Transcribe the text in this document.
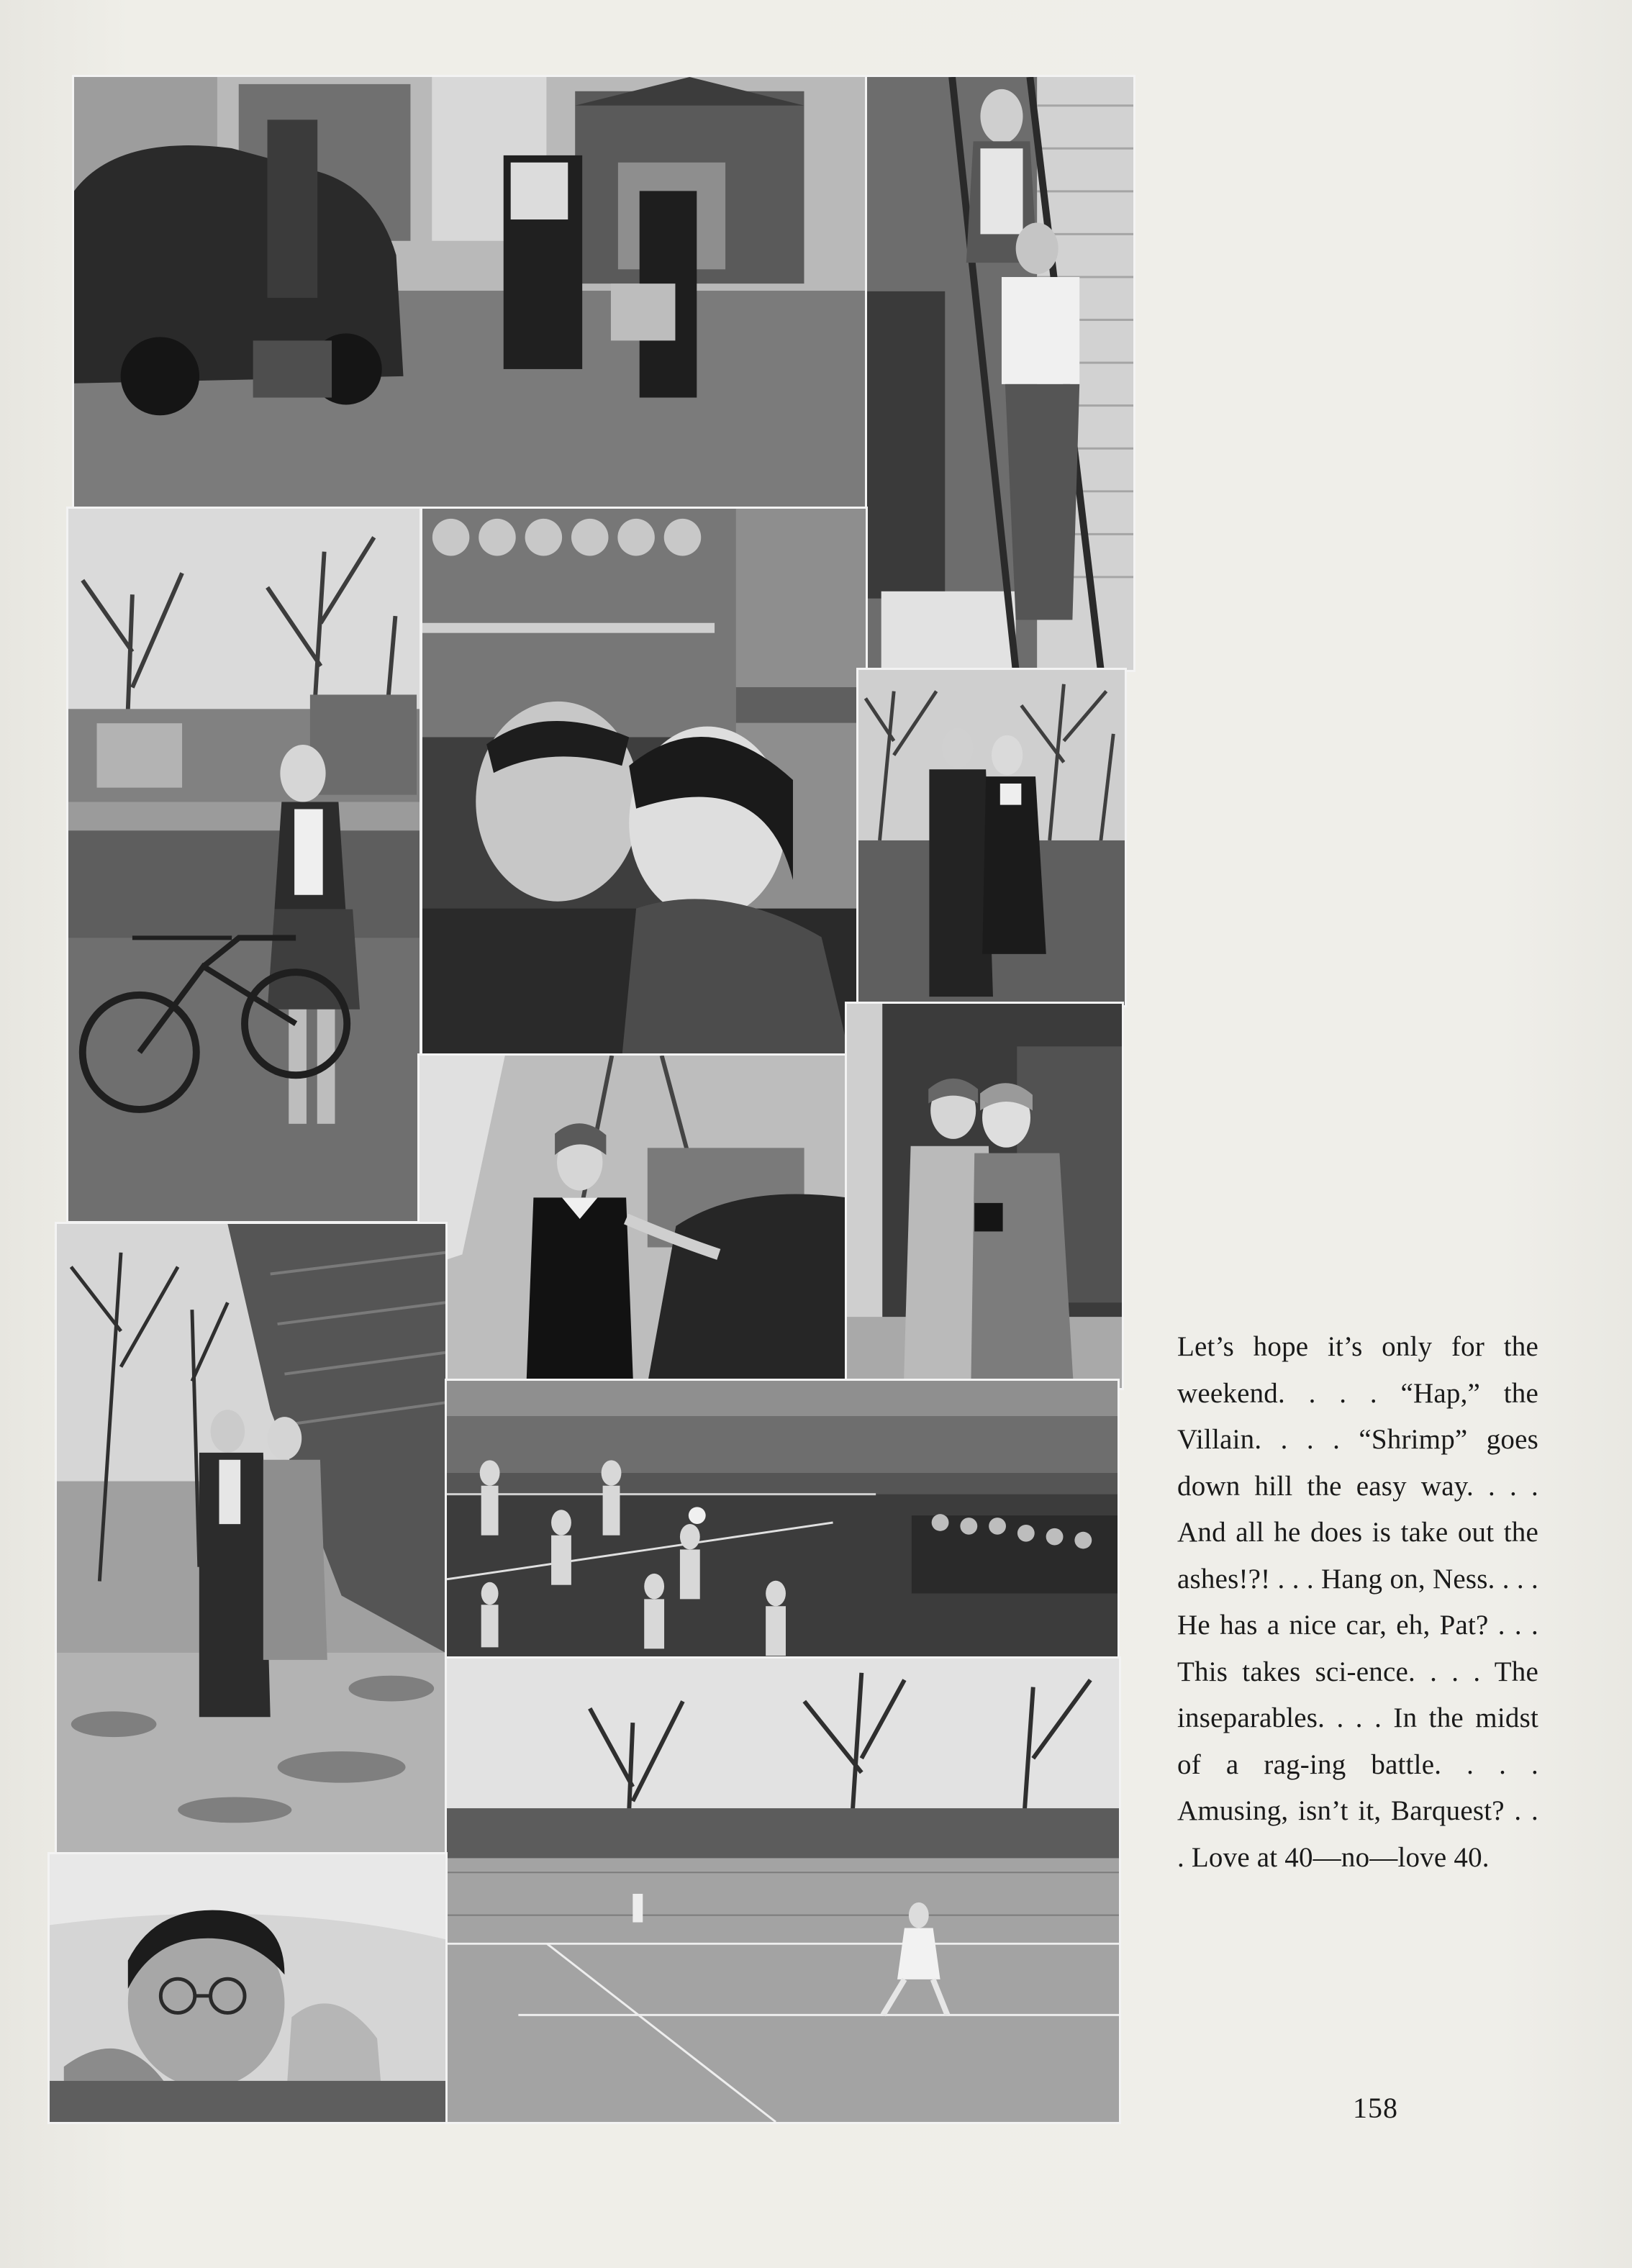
Let’s hope it’s only for the weekend. . . . “Hap,” the Villain. . . . “Shrimp” goes down hill the easy way. . . . And all he does is take out the ashes!?! . . . Hang on, Ness. . . . He has a nice car, eh, Pat? . . . This takes sci-ence. . . . The inseparables. . . . In the midst of a rag-ing battle. . . . Amusing, isn’t it, Barquest? . . . Love at 40—no—love 40.
158
